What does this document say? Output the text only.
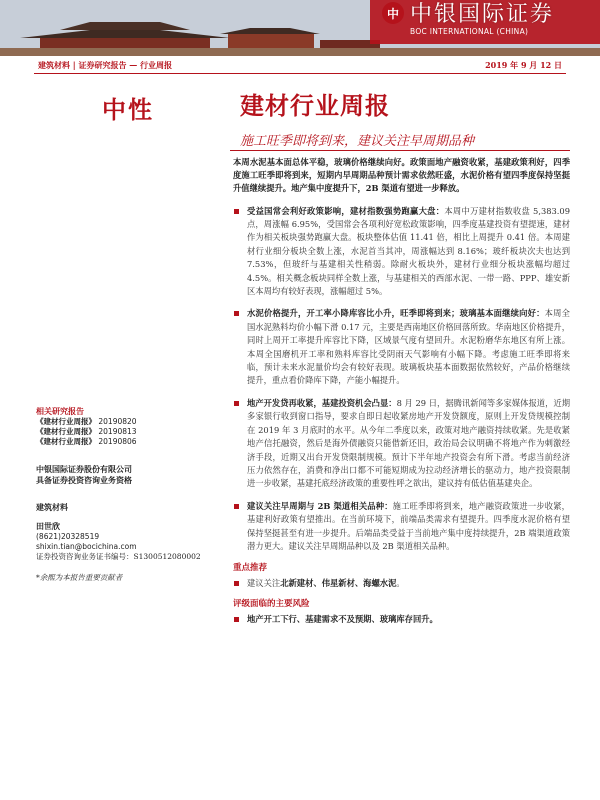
中 中银国际证券
BOC INTERNATIONAL (CHINA)
建筑材料 | 证券研究报告 — 行业周报	2019 年 9 月 12 日
中性	建材行业周报
施工旺季即将到来，建议关注早周期品种
相关研究报告
《建材行业周报》 20190820
《建材行业周报》 20190813
《建材行业周报》 20190806
中银国际证券股份有限公司
具备证券投资咨询业务资格
建筑材料
田世欣
(8621)20328519
shixin.tian@bocichina.com
证券投资咨询业务证书编号：S1300512080002
*余熙为本报告重要贡献者
本周水泥基本面总体平稳，玻璃价格继续向好。政策面地产融资收紧，基建政策利好，四季度施工旺季即将到来，短期内早周期品种预计需求依然旺盛，水泥价格有望四季度保持坚挺升值继续提升。地产集中度提升下，2B 渠道有望进一步释放。
受益国常会利好政策影响，建材指数强势跑赢大盘：本周中万建材指数收盘 5,383.09 点，周涨幅 6.95%，受国常会各项利好宽松政策影响，四季度基建投资有望提速，建材作为相关板块强势跑赢大盘。板块整体估值 11.41 倍，相比上周提升 0.41 倍。本周建材行业细分板块全数上涨，水泥首当其冲，周涨幅达到 8.16%；玻纤板块次夫也达到 7.53%，但玻纤与基建相关性稍弱。除耐火板块外，建材行业细分板块涨幅均超过 4.5%。相关概念板块同样全数上涨，与基建相关的西部水泥、一带一路、PPP、雄安新区本周均有较好表现，涨幅超过 5%。
水泥价格提升，开工率小降库容比小升，旺季即将到来；玻璃基本面继续向好：本周全国水泥熟料均价小幅下滑 0.17 元，主要是西南地区价格回落所致。华南地区价格提升，同时上周开工率提升库容比下降，区域景气度有望回升。水泥粉磨华东地区有所上涨。本周全国磨机开工率和熟料库容比受阴雨天气影响有小幅下降。考虑施工旺季即将来临，预计未来水泥量价均会有较好表现。玻璃板块基本面数据依然较好，产品价格继续提升，重点看价降库下降，产能小幅提升。
地产开发贷再收紧，基建投资机会凸显：8 月 29 日，据腾讯新闻等多家媒体报道，近期多家银行收到窗口指导，要求自即日起收紧房地产开发贷额度，原则上开发贷规模控制在 2019 年 3 月底时的水平。从今年二季度以来，政策对地产融资持续收紧。先是收紧地产信托融资，然后是海外债融资只能借新还旧，政治局会议明确不将地产作为刺激经济手段，近期又出台开发贷限制规模。预计下半年地产投资会有所下滑。考虑当前经济压力依然存在，消费和净出口都不可能短期成为拉动经济增长的驱动力，地产投资限制进一步收紧，基建托底经济政策的重要性呼之欲出，建议持有低估值基建央企。
建议关注早周期与 2B 渠道相关品种：施工旺季即将到来，地产融资政策进一步收紧，基建利好政策有望推出。在当前环境下，前端品类需求有望提升。四季度水泥价格有望保持坚挺甚至有进一步提升。后端品类受益于当前地产集中度持续提升，2B 端渠道政策潜力更大。建议关注早周期品种以及 2B 渠道相关品种。
重点推荐
建议关注北新建材、伟星新材、海螺水泥。
评级面临的主要风险
地产开工下行、基建需求不及预期、玻璃库存回升。
